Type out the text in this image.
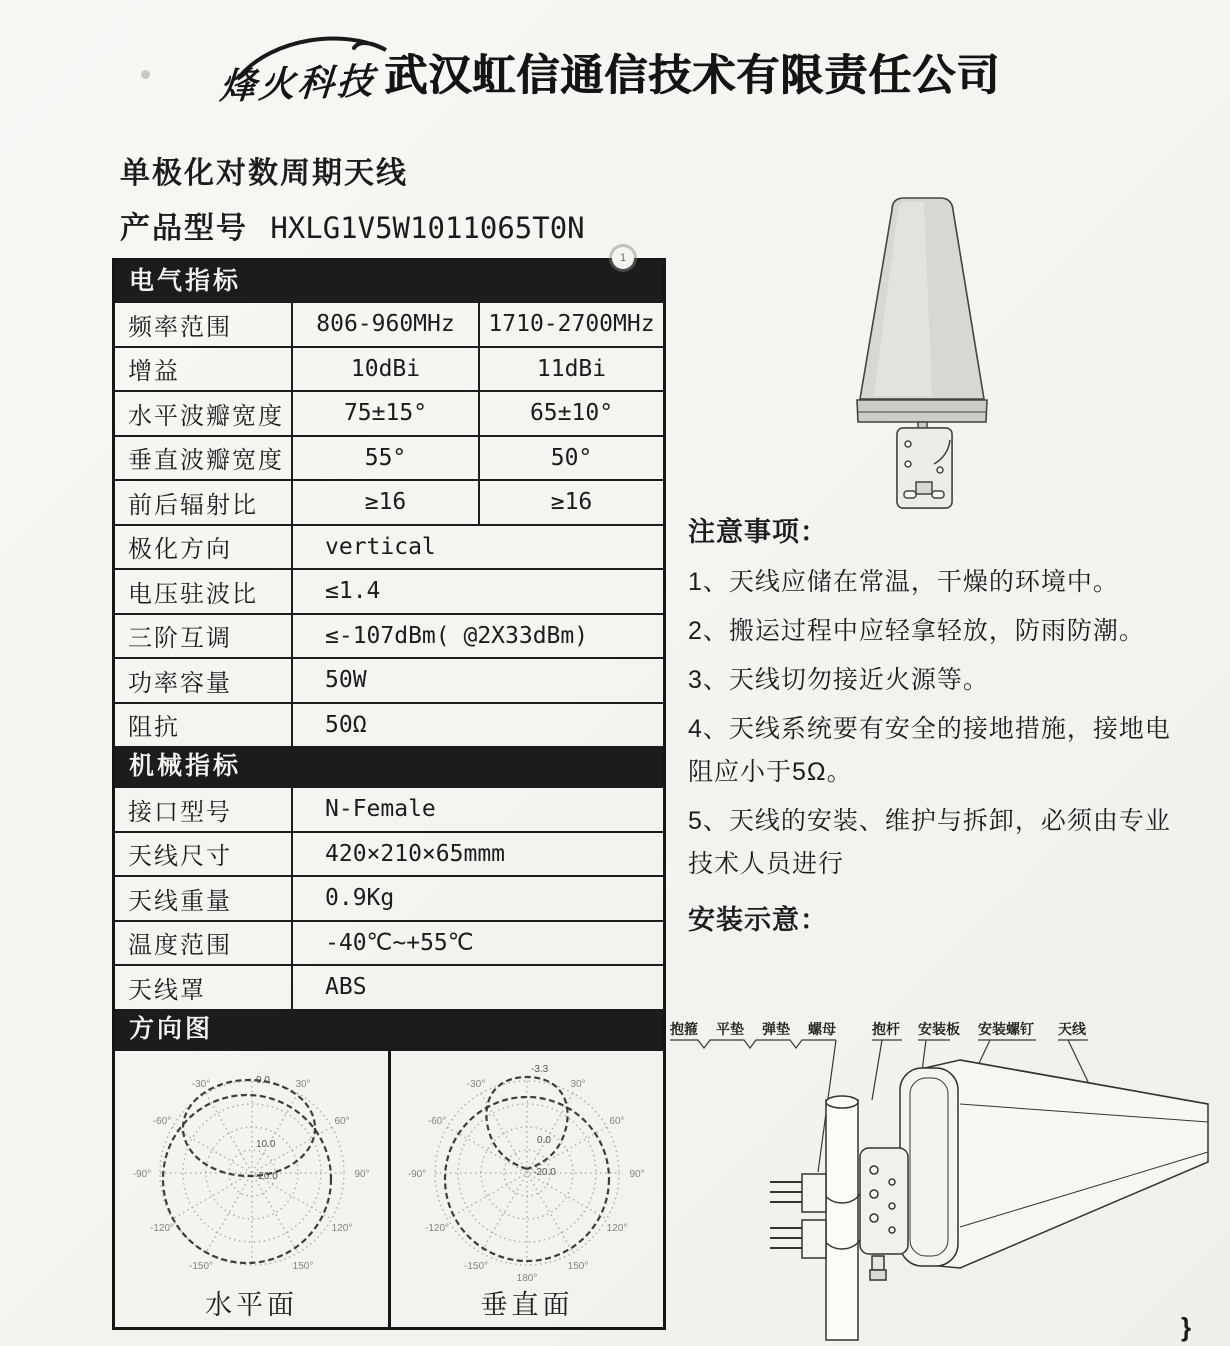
烽火科技 武汉虹信通信技术有限责任公司
单极化对数周期天线
产品型号 HXLG1V5W1011065T0N
电气指标
频率范围	806-960MHz	1710-2700MHz
增益	10dBi	11dBi
水平波瓣宽度	75±15°	65±10°
垂直波瓣宽度	55°	50°
前后辐射比	≥16	≥16
极化方向	vertical
电压驻波比	≤1.4
三阶互调	≤-107dBm( @2X33dBm)
功率容量	50W
阻抗	50Ω
机械指标
接口型号	N-Female
天线尺寸	420×210×65mmm
天线重量	0.9Kg
温度范围	-40℃~+55℃
天线罩	ABS
方向图
-30°	30°
-60°	60°
-90°	90°
-120°	120°
-150°	150°
0.0
10.0
-20.0
水平面
-30°	30°
-60°	60°
-90°	90°
-120°	120°
-150°	150°
180°
-3.3
0.0
-20.0
垂直面

注意事项：

1、天线应储在常温，干燥的环境中。

2、搬运过程中应轻拿轻放，防雨防潮。

3、天线切勿接近火源等。

4、天线系统要有安全的接地措施，接地电阻应小于5Ω。

5、天线的安装、维护与拆卸，必须由专业技术人员进行

安装示意：
抱箍 平垫 弹垫 螺母	抱杆 安装板 安装螺钉 天线
1
}
